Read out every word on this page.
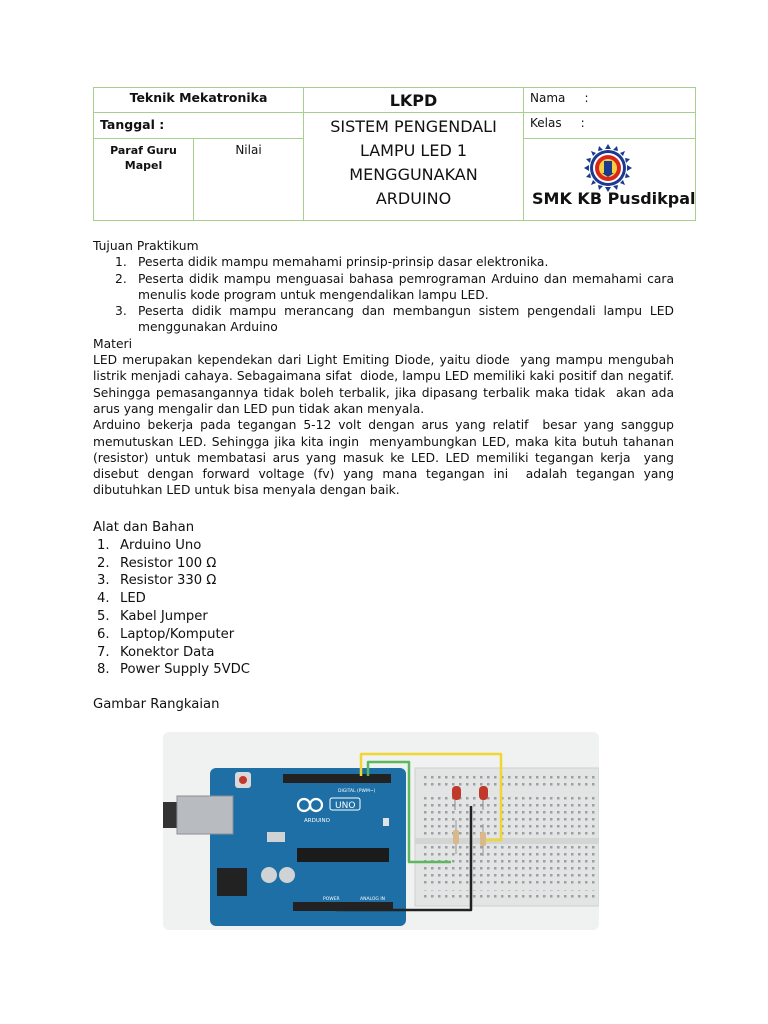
Teknik Mekatronika		LKPD	Nama     :
Tanggal :		SISTEM PENGENDALI LAMPU LED 1 MENGGUNAKAN ARDUINO	Kelas     :

Paraf Guru Mapel	Nilai		SMK KB Pusdikpal
Tujuan Praktikum
1. Peserta didik mampu memahami prinsip-prinsip dasar elektronika.
2. Peserta didik mampu menguasai bahasa pemrograman Arduino dan memahami cara menulis kode program untuk mengendalikan lampu LED.
3. Peserta didik mampu merancang dan membangun sistem pengendali lampu LED menggunakan Arduino
Materi
LED merupakan kependekan dari Light Emiting Diode, yaitu diode  yang mampu mengubah listrik menjadi cahaya. Sebagaimana sifat  diode, lampu LED memiliki kaki positif dan negatif. Sehingga pemasangannya tidak boleh terbalik, jika dipasang terbalik maka tidak  akan ada arus yang mengalir dan LED pun tidak akan menyala.
Arduino bekerja pada tegangan 5-12 volt dengan arus yang relatif  besar yang sanggup memutuskan LED. Sehingga jika kita ingin  menyambungkan LED, maka kita butuh tahanan (resistor) untuk membatasi arus yang masuk ke LED. LED memiliki tegangan kerja  yang disebut dengan forward voltage (fv) yang mana tegangan ini  adalah tegangan yang dibutuhkan LED untuk bisa menyala dengan baik.
Alat dan Bahan
1. Arduino Uno
2. Resistor 100 Ω
3. Resistor 330 Ω
4. LED
5. Kabel Jumper
6. Laptop/Komputer
7. Konektor Data
8. Power Supply 5VDC
Gambar Rangkaian
ARDUINO
UNO
DIGITAL (PWM~)
POWER	ANALOG IN
